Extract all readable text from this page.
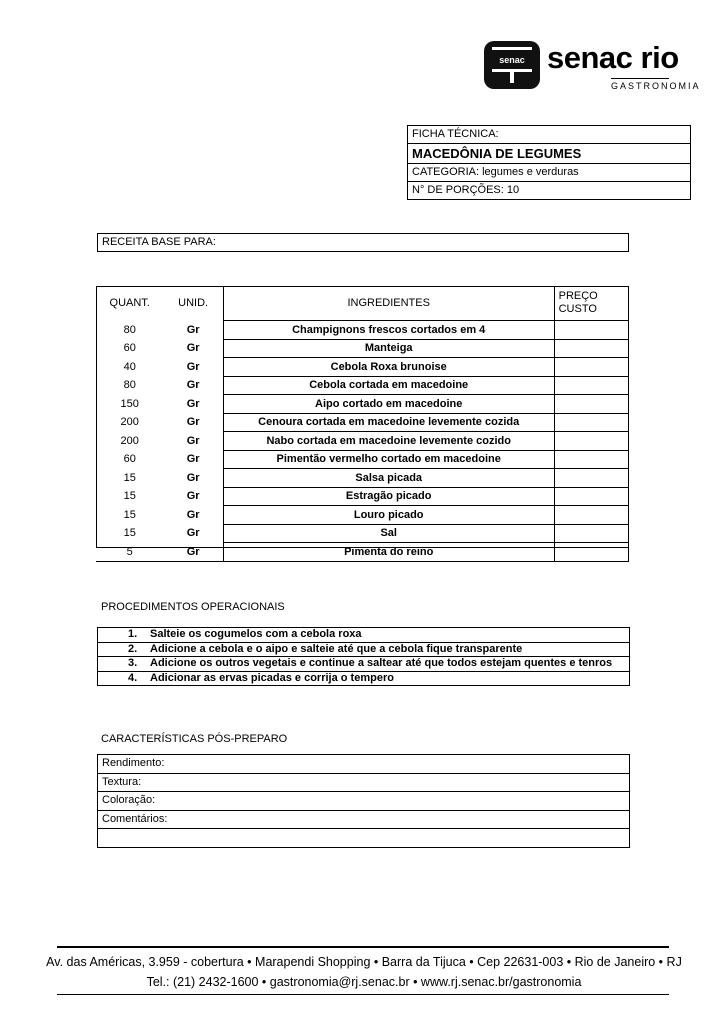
senac senac rio
GASTRONOMIA
FICHA TÉCNICA:
MACEDÔNIA DE LEGUMES
CATEGORIA: legumes e verduras
N° DE PORÇÕES: 10
RECEITA BASE PARA:
QUANT.	UNID.	INGREDIENTES	PREÇO
CUSTO
80	Gr	Champignons frescos cortados em 4	
60	Gr	Manteiga	
40	Gr	Cebola Roxa brunoise	
80	Gr	Cebola cortada em macedoine	
150	Gr	Aipo cortado em macedoine	
200	Gr	Cenoura cortada em macedoine levemente cozida	
200	Gr	Nabo cortada em macedoine levemente cozido	
60	Gr	Pimentão vermelho cortado em macedoine	
15	Gr	Salsa picada	
15	Gr	Estragão picado	
15	Gr	Louro picado	
15	Gr	Sal	
5	Gr	Pimenta do reino	
PROCEDIMENTOS OPERACIONAIS
1. Salteie os cogumelos com a cebola roxa
2. Adicione a cebola e o aipo e salteie até que a cebola fique transparente
3. Adicione os outros vegetais e continue a saltear até que todos estejam quentes e tenros
4. Adicionar as ervas picadas e corrija o tempero
CARACTERÍSTICAS PÓS-PREPARO
Rendimento:
Textura:
Coloração:
Comentários:
Av. das Américas, 3.959 - cobertura • Marapendi Shopping • Barra da Tijuca • Cep 22631-003 • Rio de Janeiro • RJ
Tel.: (21) 2432-1600 • gastronomia@rj.senac.br • www.rj.senac.br/gastronomia
